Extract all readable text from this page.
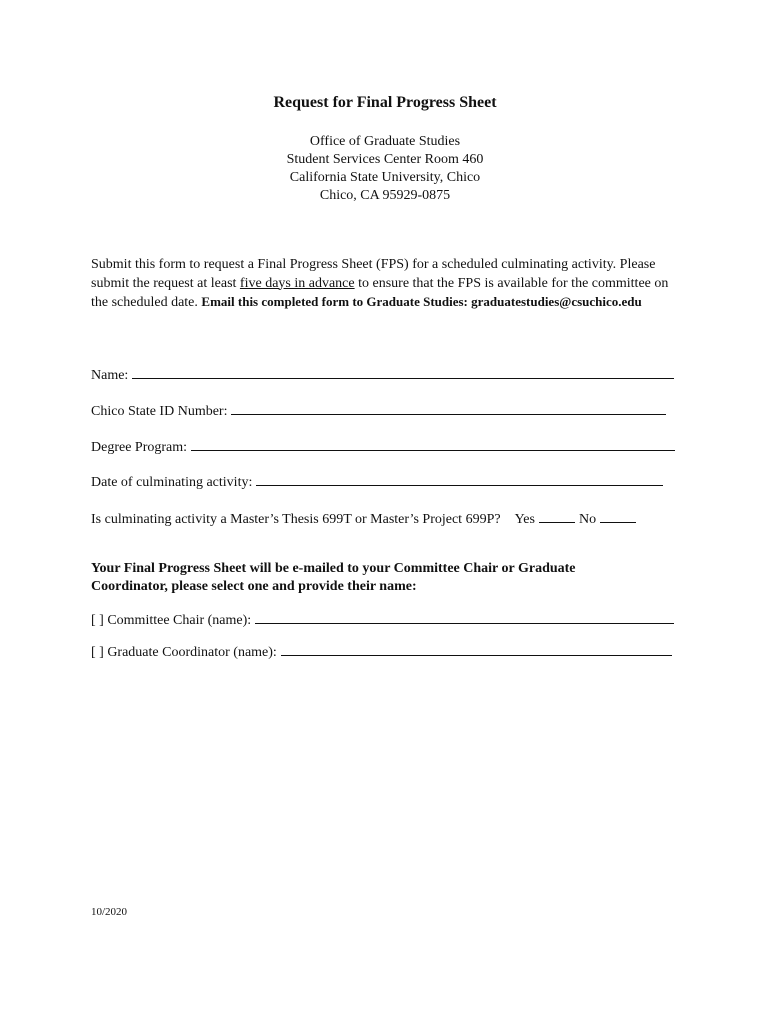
Request for Final Progress Sheet
Office of Graduate Studies
Student Services Center Room 460
California State University, Chico
Chico, CA 95929-0875
Submit this form to request a Final Progress Sheet (FPS) for a scheduled culminating activity. Please submit the request at least five days in advance to ensure that the FPS is available for the committee on the scheduled date. Email this completed form to Graduate Studies: graduatestudies@csuchico.edu
Name:
Chico State ID Number:
Degree Program:
Date of culminating activity:
Is culminating activity a Master’s Thesis 699T or Master’s Project 699P? Yes	No
Your Final Progress Sheet will be e-mailed to your Committee Chair or Graduate Coordinator, please select one and provide their name:
[ ] Committee Chair (name):
[ ] Graduate Coordinator (name):
10/2020
